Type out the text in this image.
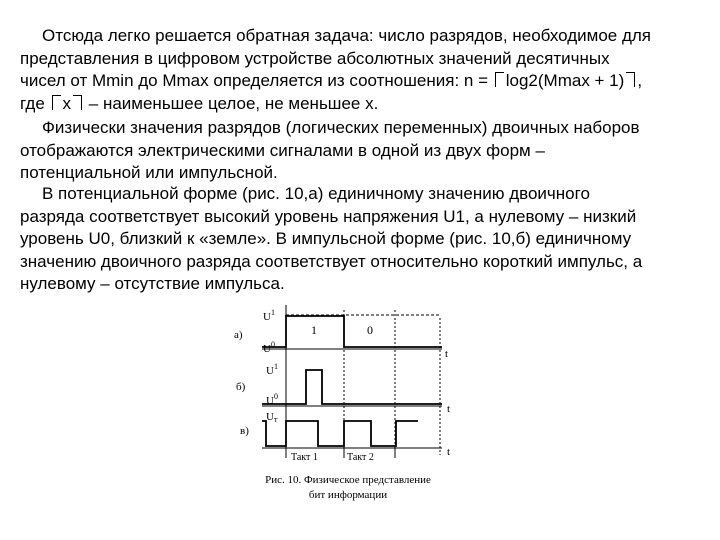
Отсюда легко решается обратная задача: число разрядов, необходимое для
представления в цифровом устройстве абсолютных значений десятичных
чисел от Mmin до Mmax определяется из соотношения: n = log2(Mmax + 1) ,
где x – наименьшее целое, не меньшее x.
Физически значения разрядов (логических переменных) двоичных наборов
отображаются электрическими сигналами в одной из двух форм –
потенциальной или импульсной.
В потенциальной форме (рис. 10,а) единичному значению двоичного
разряда соответствует высокий уровень напряжения U1, а нулевому – низкий
уровень U0, близкий к «земле». В импульсной форме (рис. 10,б) единичному
значению двоичного разряда соответствует относительно короткий импульс, а
нулевому – отсутствие импульса.
а)
б)
в)
$U^1$
$U^0$
$U^1$
$U^0$
Uт
1	0
t
t
t
Такт 1	Такт 2
Рис. 10. Физическое представление
бит информации
